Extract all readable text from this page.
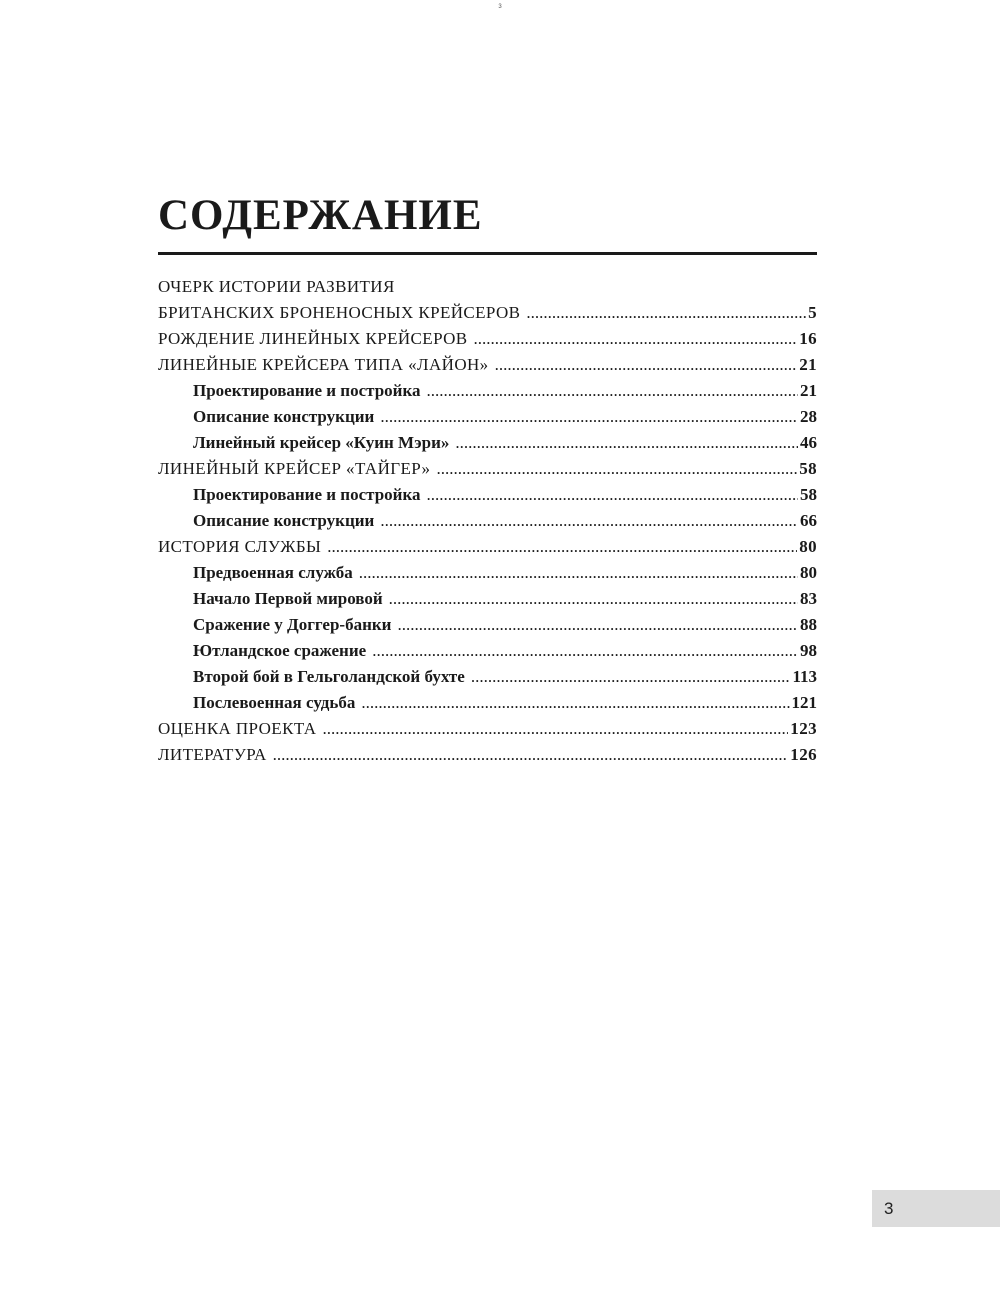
3
СОДЕРЖАНИЕ
ОЧЕРК ИСТОРИИ РАЗВИТИЯ
БРИТАНСКИХ БРОНЕНОСНЫХ КРЕЙСЕРОВ .....	5
РОЖДЕНИЕ ЛИНЕЙНЫХ КРЕЙСЕРОВ .....	16
ЛИНЕЙНЫЕ КРЕЙСЕРА ТИПА «ЛАЙОН» .....	21
Проектирование и постройка .....	21
Описание конструкции .....	28
Линейный крейсер «Куин Мэри» .....	46
ЛИНЕЙНЫЙ КРЕЙСЕР «ТАЙГЕР» .....	58
Проектирование и постройка .....	58
Описание конструкции .....	66
ИСТОРИЯ СЛУЖБЫ .....	80
Предвоенная служба .....	80
Начало Первой мировой .....	83
Сражение у Доггер-банки .....	88
Ютландское сражение .....	98
Второй бой в Гельголандской бухте .....	113
Послевоенная судьба .....	121
ОЦЕНКА ПРОЕКТА .....	123
ЛИТЕРАТУРА .....	126
3
